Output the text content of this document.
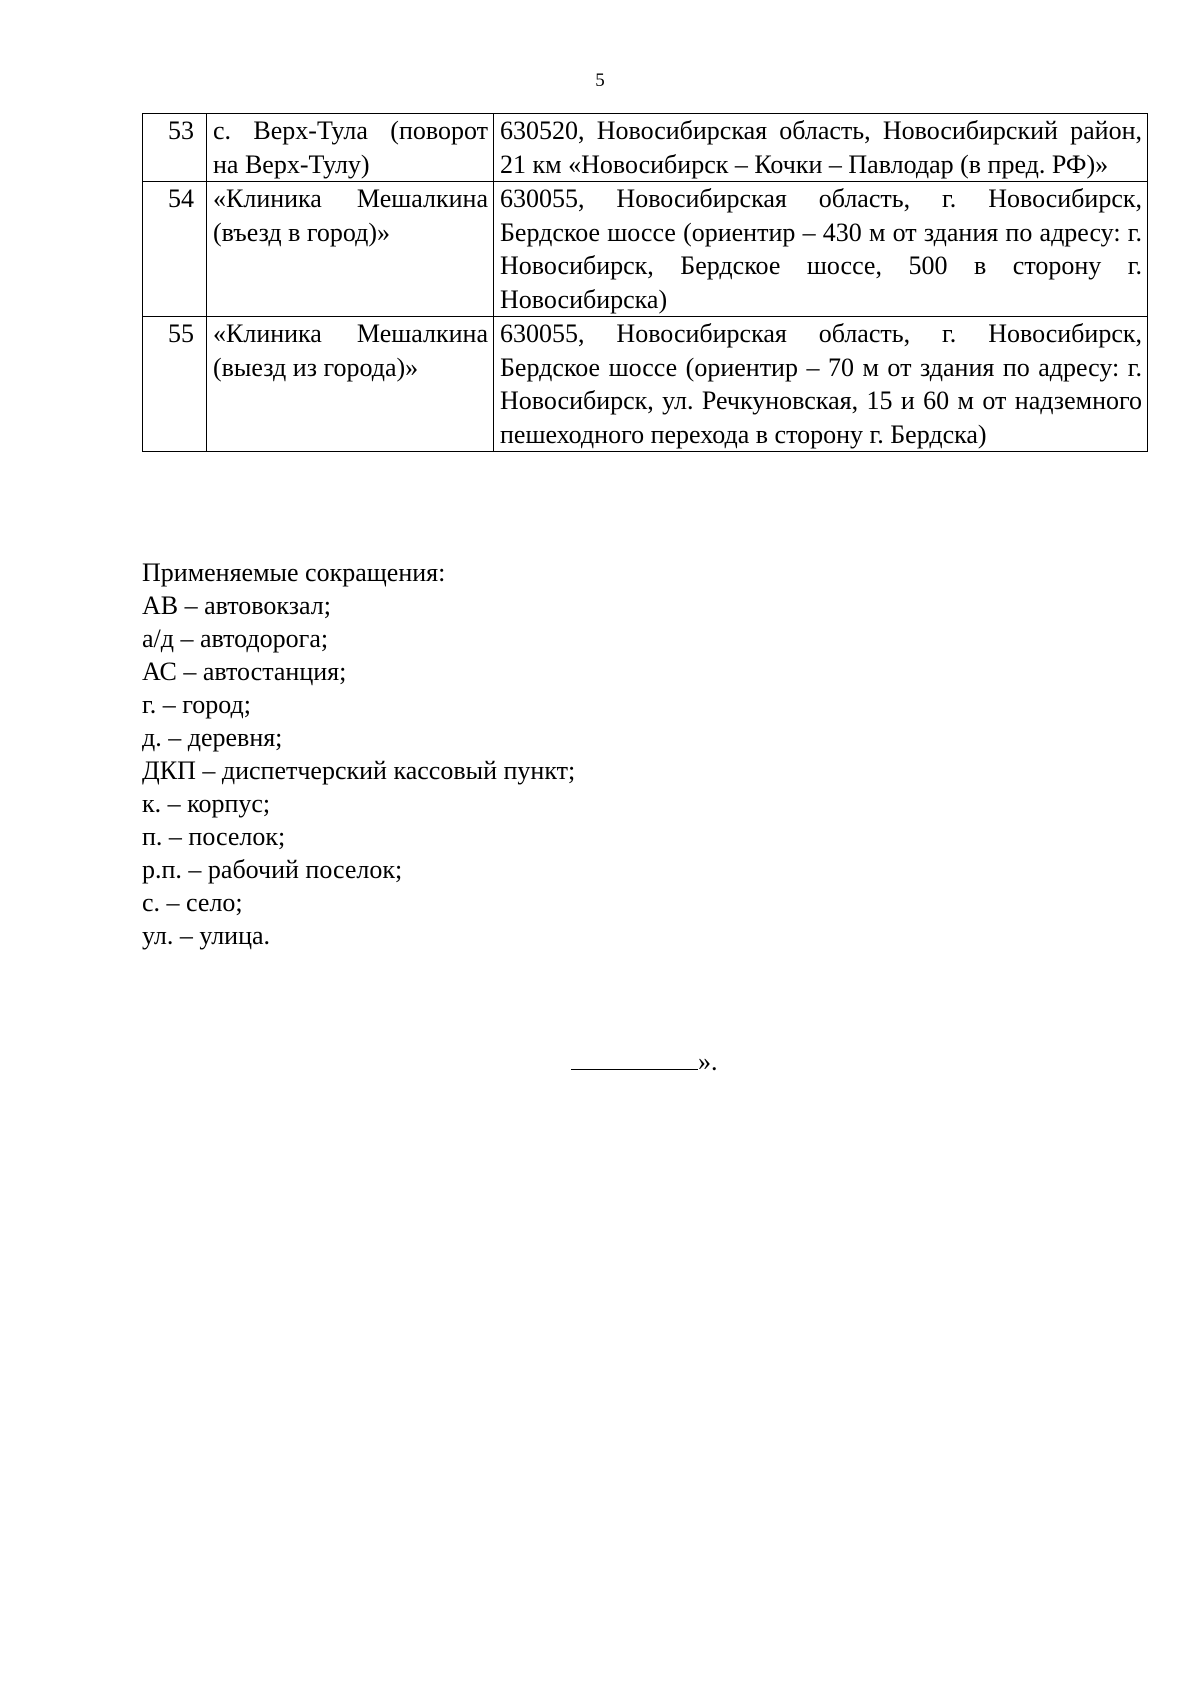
5
53	с. Верх-Тула (поворот на Верх-Тулу)	630520, Новосибирская область, Новосибирский район, 21 км «Новосибирск – Кочки – Павлодар (в пред. РФ)»
54	«Клиника Мешалкина (въезд в город)»	630055, Новосибирская область, г. Новосибирск, Бердское шоссе (ориентир – 430 м от здания по адресу: г. Новосибирск, Бердское шоссе, 500 в сторону г. Новосибирска)
55	«Клиника Мешалкина (выезд из города)»	630055, Новосибирская область, г. Новосибирск, Бердское шоссе (ориентир – 70 м от здания по адресу: г. Новосибирск, ул. Речкуновская, 15 и 60 м от надземного пешеходного перехода в сторону г. Бердска)
Применяемые сокращения:
АВ – автовокзал;
а/д – автодорога;
АС – автостанция;
г. – город;
д. – деревня;
ДКП – диспетчерский кассовый пункт;
к. – корпус;
п. – поселок;
р.п. – рабочий поселок;
с. – село;
ул. – улица.
».
